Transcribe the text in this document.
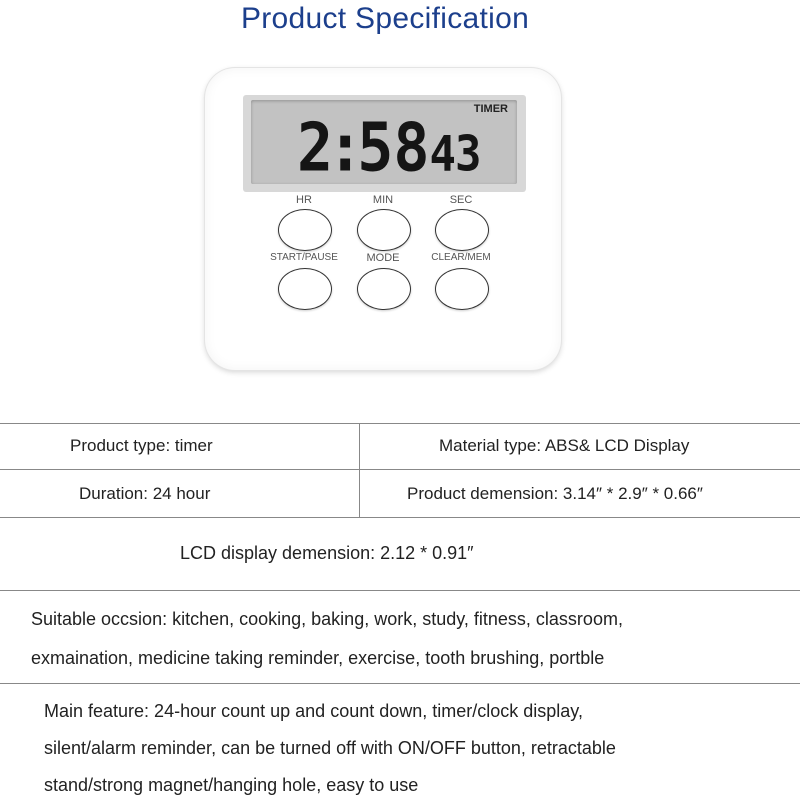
Product Specification
TIMER
2:5843
HR	MIN	SEC
START/PAUSE	MODE	CLEAR/MEM
Product type: timer	Material type: ABS& LCD Display
Duration: 24 hour	Product demension: 3.14″ * 2.9″ * 0.66″
LCD display demension: 2.12 * 0.91″
Suitable occsion: kitchen, cooking, baking, work, study, fitness, classroom,
exmaination, medicine taking reminder, exercise, tooth brushing, portble
Main feature: 24-hour count up and count down, timer/clock display,
silent/alarm reminder, can be turned off with ON/OFF button, retractable
stand/strong magnet/hanging hole, easy to use
